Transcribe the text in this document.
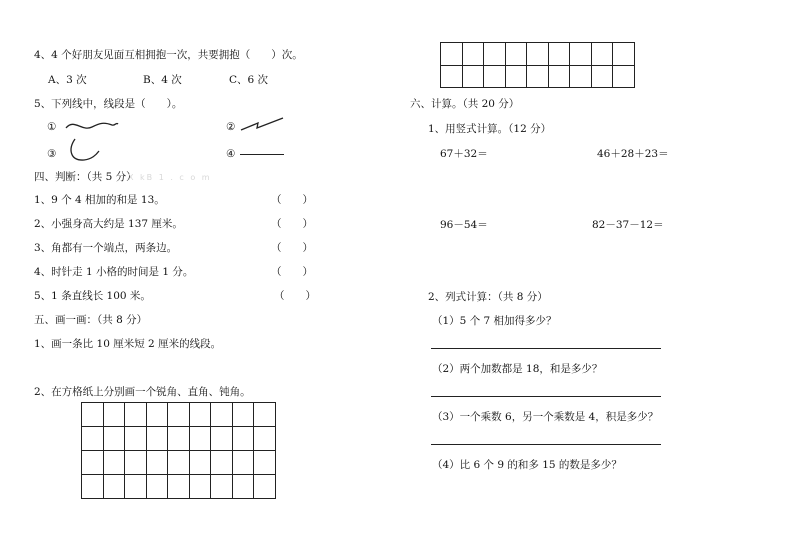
4、4 个好朋友见面互相拥抱一次，共要拥抱（　　）次。
A、3 次	B、4 次	C、6 次
5、下列线中，线段是（　　）。
①	②
③	④
四、判断：（共 5 分）
X kB 1 . c o m
1、9 个 4 相加的和是 13。	（　　）
2、小强身高大约是 137 厘米。	（　　）
3、角都有一个端点，两条边。	（　　）
4、时针走 1 小格的时间是 1 分。	（　　）
5、1 条直线长 100 米。	（　　）
五、画一画：（共 8 分）
1、画一条比 10 厘米短 2 厘米的线段。
2、在方格纸上分别画一个锐角、直角、钝角。

六、计算。（共 20 分）
1、用竖式计算。（12 分）
67＋32＝	46＋28＋23＝
96－54＝	82－37－12＝
2、列式计算：（共 8 分）
（1）5 个 7 相加得多少？
（2）两个加数都是 18，和是多少？
（3）一个乘数 6，另一个乘数是 4，积是多少？
（4）比 6 个 9 的和多 15 的数是多少？
